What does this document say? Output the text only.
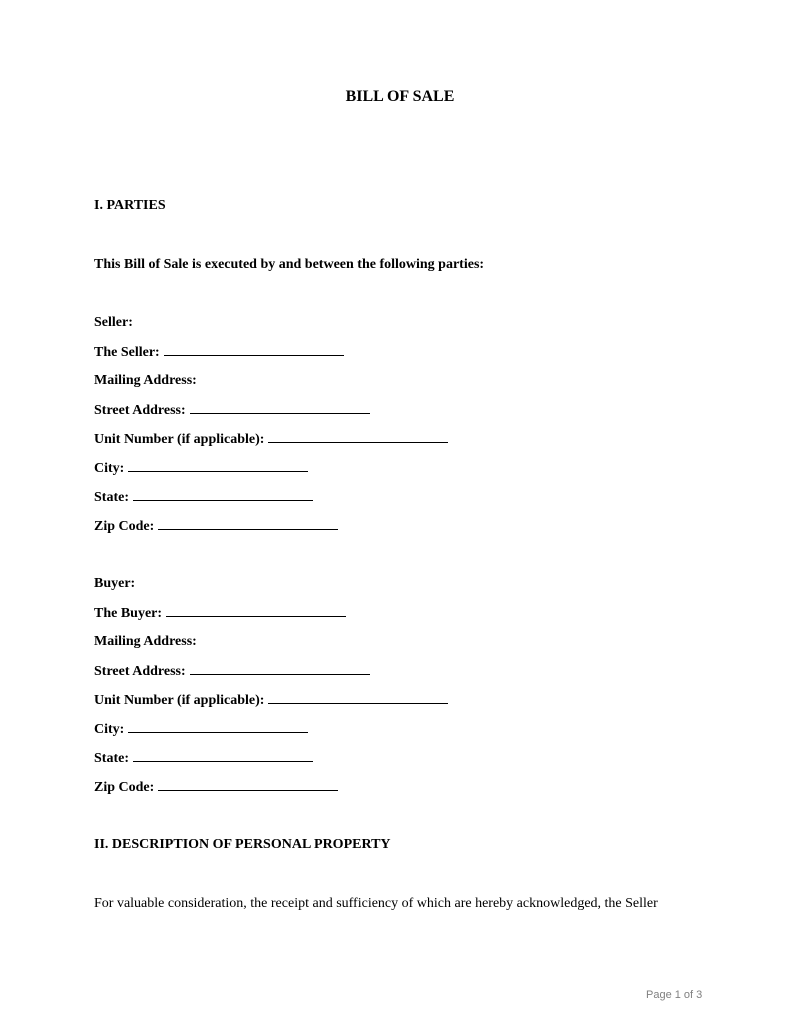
BILL OF SALE
I. PARTIES
This Bill of Sale is executed by and between the following parties:
Seller:
The Seller:
Mailing Address:
Street Address:
Unit Number (if applicable):
City:
State:
Zip Code:
Buyer:
The Buyer:
Mailing Address:
Street Address:
Unit Number (if applicable):
City:
State:
Zip Code:
II. DESCRIPTION OF PERSONAL PROPERTY
For valuable consideration, the receipt and sufficiency of which are hereby acknowledged, the Seller
Page 1 of 3
